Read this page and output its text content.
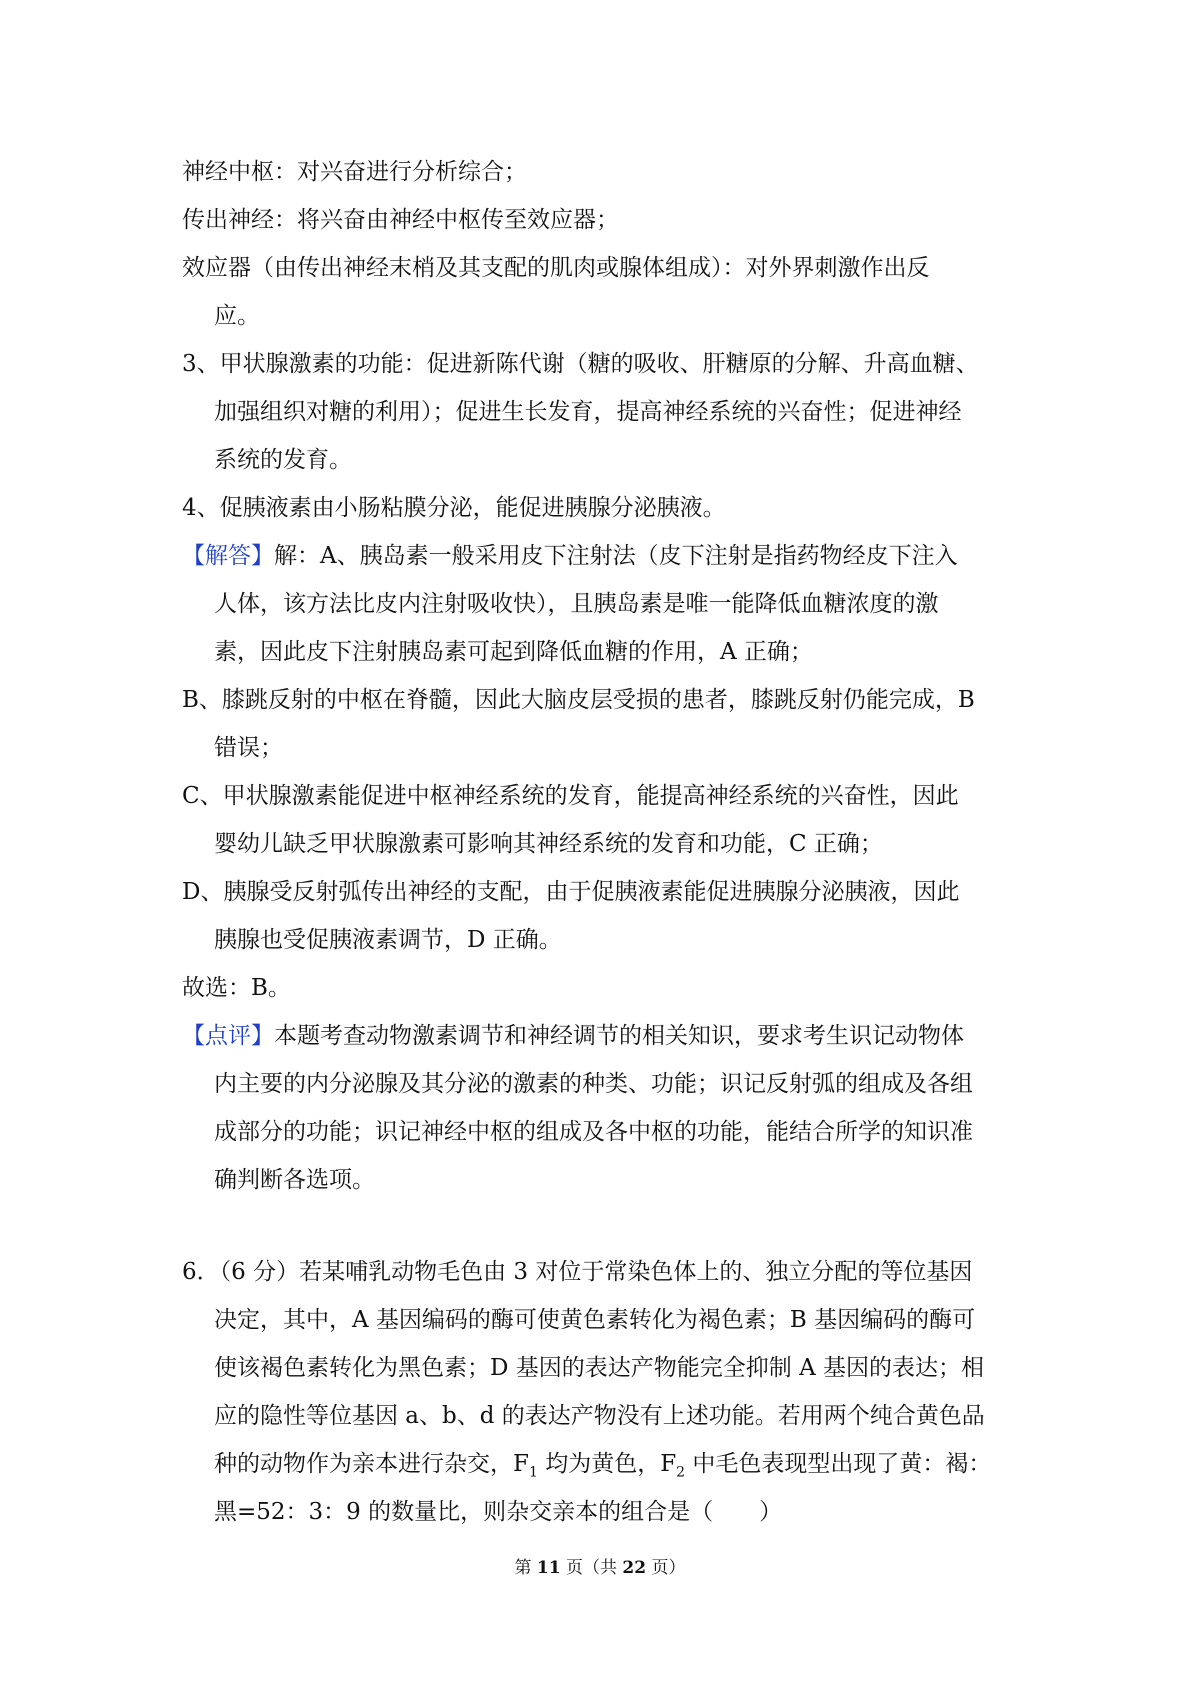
神经中枢：对兴奋进行分析综合；
传出神经：将兴奋由神经中枢传至效应器；
效应器（由传出神经末梢及其支配的肌肉或腺体组成）：对外界刺激作出反
应。
3、甲状腺激素的功能：促进新陈代谢（糖的吸收、肝糖原的分解、升高血糖、
加强组织对糖的利用）；促进生长发育，提高神经系统的兴奋性；促进神经
系统的发育。
4、促胰液素由小肠粘膜分泌，能促进胰腺分泌胰液。
【解答】解：A、胰岛素一般采用皮下注射法（皮下注射是指药物经皮下注入
人体，该方法比皮内注射吸收快），且胰岛素是唯一能降低血糖浓度的激
素，因此皮下注射胰岛素可起到降低血糖的作用，A 正确；
B、膝跳反射的中枢在脊髓，因此大脑皮层受损的患者，膝跳反射仍能完成，B
错误；
C、甲状腺激素能促进中枢神经系统的发育，能提高神经系统的兴奋性，因此
婴幼儿缺乏甲状腺激素可影响其神经系统的发育和功能，C 正确；
D、胰腺受反射弧传出神经的支配，由于促胰液素能促进胰腺分泌胰液，因此
胰腺也受促胰液素调节，D 正确。
故选：B。
【点评】本题考查动物激素调节和神经调节的相关知识，要求考生识记动物体
内主要的内分泌腺及其分泌的激素的种类、功能；识记反射弧的组成及各组
成部分的功能；识记神经中枢的组成及各中枢的功能，能结合所学的知识准
确判断各选项。
6．（6 分）若某哺乳动物毛色由 3 对位于常染色体上的、独立分配的等位基因
决定，其中，A 基因编码的酶可使黄色素转化为褐色素；B 基因编码的酶可
使该褐色素转化为黑色素；D 基因的表达产物能完全抑制 A 基因的表达；相
应的隐性等位基因 a、b、d 的表达产物没有上述功能。若用两个纯合黄色品
种的动物作为亲本进行杂交，$F_1$ 均为黄色，$F_2$ 中毛色表现型出现了黄：褐：
黑=52：3：9 的数量比，则杂交亲本的组合是（　　）
第 11 页（共 22 页）
